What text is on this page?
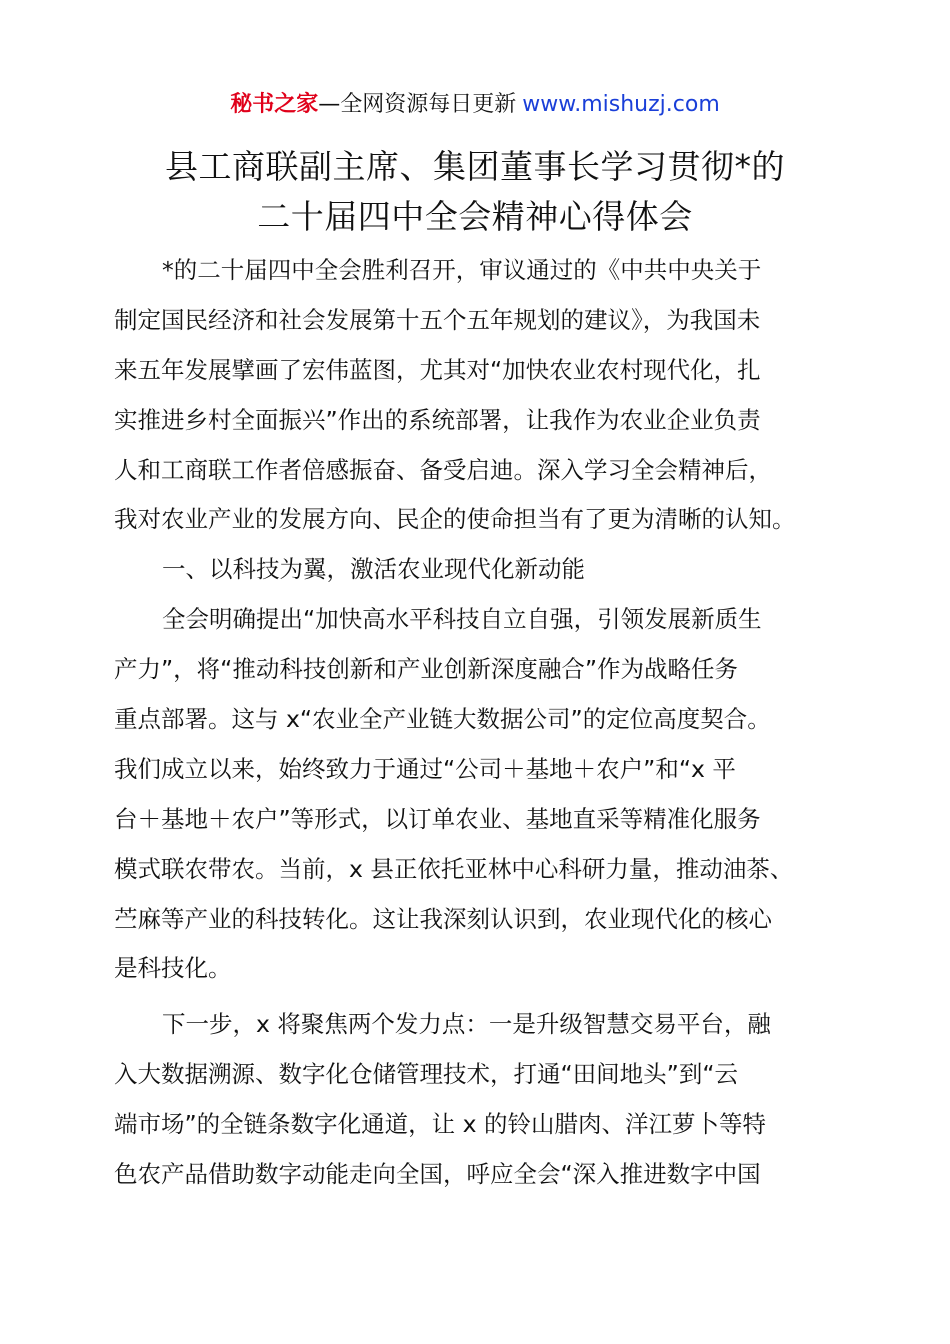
秘书之家—全网资源每日更新 www.mishuzj.com
县工商联副主席、集团董事长学习贯彻*的
二十届四中全会精神心得体会
*的二十届四中全会胜利召开，审议通过的《中共中央关于
制定国民经济和社会发展第十五个五年规划的建议》，为我国未
来五年发展擘画了宏伟蓝图，尤其对“加快农业农村现代化，扎
实推进乡村全面振兴”作出的系统部署，让我作为农业企业负责
人和工商联工作者倍感振奋、备受启迪。深入学习全会精神后，
我对农业产业的发展方向、民企的使命担当有了更为清晰的认知。
一、以科技为翼，激活农业现代化新动能
全会明确提出“加快高水平科技自立自强，引领发展新质生
产力”，将“推动科技创新和产业创新深度融合”作为战略任务
重点部署。这与 x“农业全产业链大数据公司”的定位高度契合。
我们成立以来，始终致力于通过“公司＋基地＋农户”和“x 平
台＋基地＋农户”等形式，以订单农业、基地直采等精准化服务
模式联农带农。当前，x 县正依托亚林中心科研力量，推动油茶、
苎麻等产业的科技转化。这让我深刻认识到，农业现代化的核心
是科技化。
下一步，x 将聚焦两个发力点：一是升级智慧交易平台，融
入大数据溯源、数字化仓储管理技术，打通“田间地头”到“云
端市场”的全链条数字化通道，让 x 的铃山腊肉、洋江萝卜等特
色农产品借助数字动能走向全国，呼应全会“深入推进数字中国
